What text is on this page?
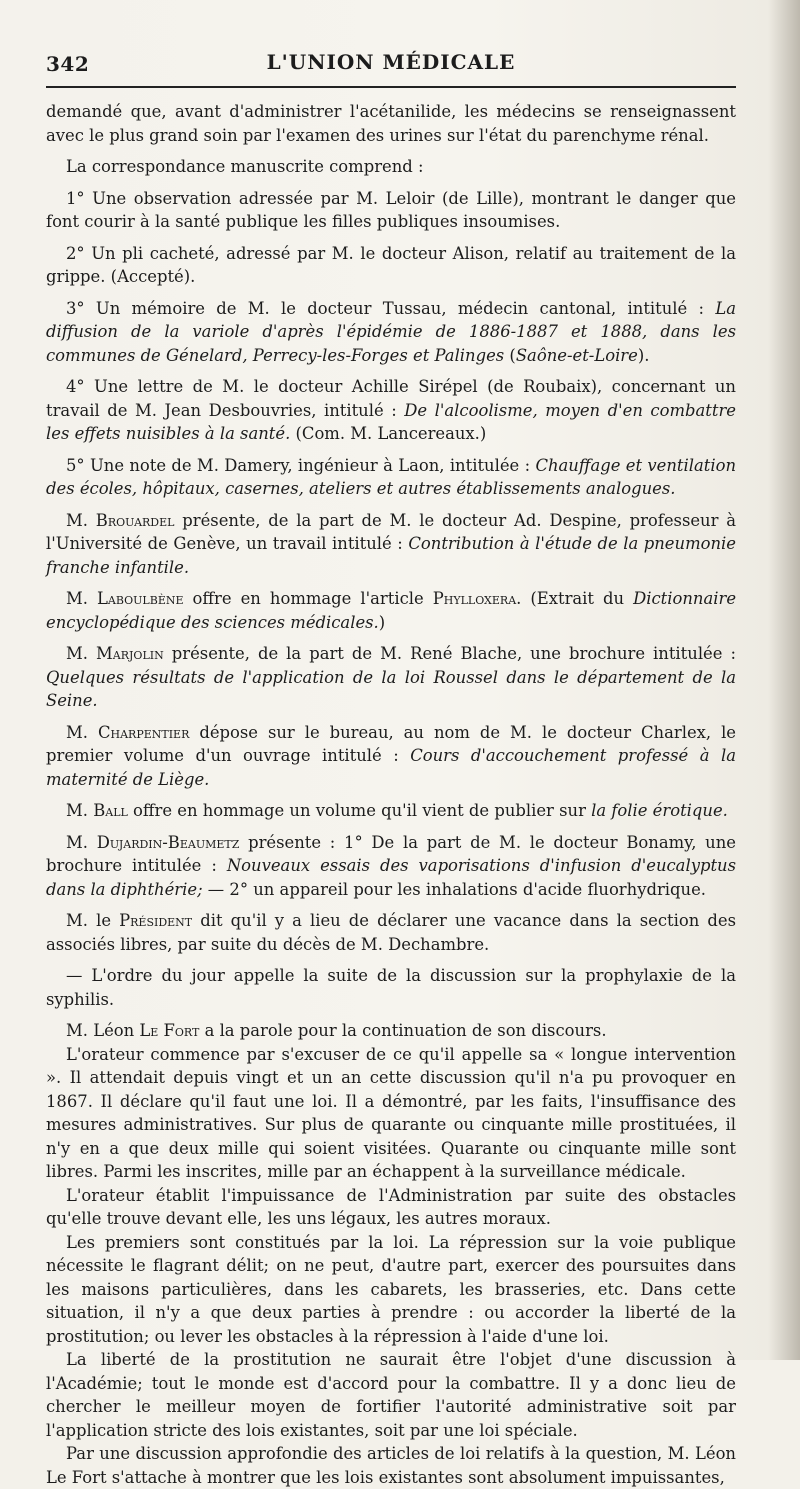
342	L'UNION MÉDICALE

demandé que, avant d'administrer l'acétanilide, les médecins se renseignassent avec le plus grand soin par l'examen des urines sur l'état du parenchyme rénal.

La correspondance manuscrite comprend :

1° Une observation adressée par M. Leloir (de Lille), montrant le danger que font courir à la santé publique les filles publiques insoumises.

2° Un pli cacheté, adressé par M. le docteur Alison, relatif au traitement de la grippe. (Accepté).

3° Un mémoire de M. le docteur Tussau, médecin cantonal, intitulé : La diffusion de la variole d'après l'épidémie de 1886-1887 et 1888, dans les communes de Génelard, Perrecy-les-Forges et Palinges (Saône-et-Loire).

4° Une lettre de M. le docteur Achille Sirépel (de Roubaix), concernant un travail de M. Jean Desbouvries, intitulé : De l'alcoolisme, moyen d'en combattre les effets nuisibles à la santé. (Com. M. Lancereaux.)

5° Une note de M. Damery, ingénieur à Laon, intitulée : Chauffage et ventilation des écoles, hôpitaux, casernes, ateliers et autres établissements analogues.

M. Brouardel présente, de la part de M. le docteur Ad. Despine, professeur à l'Université de Genève, un travail intitulé : Contribution à l'étude de la pneumonie franche infantile.

M. Laboulbène offre en hommage l'article Phylloxera. (Extrait du Dictionnaire encyclopédique des sciences médicales.)

M. Marjolin présente, de la part de M. René Blache, une brochure intitulée : Quelques résultats de l'application de la loi Roussel dans le département de la Seine.

M. Charpentier dépose sur le bureau, au nom de M. le docteur Charlex, le premier volume d'un ouvrage intitulé : Cours d'accouchement professé à la maternité de Liège.

M. Ball offre en hommage un volume qu'il vient de publier sur la folie érotique.

M. Dujardin-Beaumetz présente : 1° De la part de M. le docteur Bonamy, une brochure intitulée : Nouveaux essais des vaporisations d'infusion d'eucalyptus dans la diphthérie; — 2° un appareil pour les inhalations d'acide fluorhydrique.

M. le Président dit qu'il y a lieu de déclarer une vacance dans la section des associés libres, par suite du décès de M. Dechambre.

— L'ordre du jour appelle la suite de la discussion sur la prophylaxie de la syphilis.

M. Léon Le Fort a la parole pour la continuation de son discours.

L'orateur commence par s'excuser de ce qu'il appelle sa « longue intervention ». Il attendait depuis vingt et un an cette discussion qu'il n'a pu provoquer en 1867. Il déclare qu'il faut une loi. Il a démontré, par les faits, l'insuffisance des mesures administratives. Sur plus de quarante ou cinquante mille prostituées, il n'y en a que deux mille qui soient visitées. Quarante ou cinquante mille sont libres. Parmi les inscrites, mille par an échappent à la surveillance médicale.

L'orateur établit l'impuissance de l'Administration par suite des obstacles qu'elle trouve devant elle, les uns légaux, les autres moraux.

Les premiers sont constitués par la loi. La répression sur la voie publique nécessite le flagrant délit; on ne peut, d'autre part, exercer des poursuites dans les maisons particulières, dans les cabarets, les brasseries, etc. Dans cette situation, il n'y a que deux parties à prendre : ou accorder la liberté de la prostitution; ou lever les obstacles à la répression à l'aide d'une loi.

La liberté de la prostitution ne saurait être l'objet d'une discussion à l'Académie; tout le monde est d'accord pour la combattre. Il y a donc lieu de chercher le meilleur moyen de fortifier l'autorité administrative soit par l'application stricte des lois existantes, soit par une loi spéciale.

Par une discussion approfondie des articles de loi relatifs à la question, M. Léon Le Fort s'attache à montrer que les lois existantes sont absolument impuissantes,
